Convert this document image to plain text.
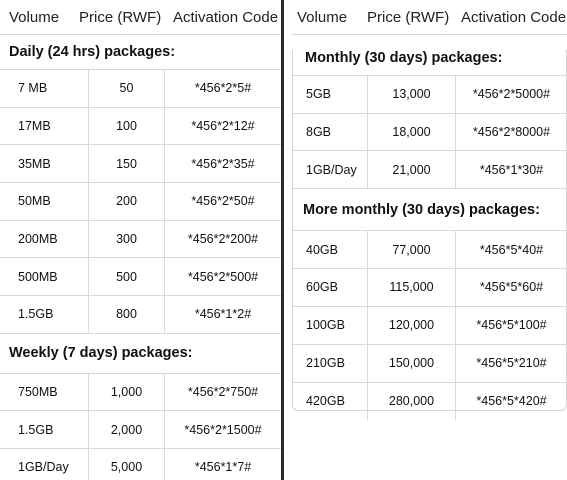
Volume	Price (RWF) Activation Code
Daily (24 hrs) packages:
7 MB	50	*456*2*5#
17MB	100	*456*2*12#
35MB	150	*456*2*35#
50MB	200	*456*2*50#
200MB	300	*456*2*200#
500MB	500	*456*2*500#
1.5GB	800	*456*1*2#
Weekly (7 days) packages:
750MB	1,000	*456*2*750#
1.5GB	2,000	*456*2*1500#
1GB/Day	5,000	*456*1*7#
Volume	Price (RWF) Activation Code
Monthly (30 days) packages:
5GB	13,000	*456*2*5000#
8GB	18,000	*456*2*8000#
1GB/Day	21,000	*456*1*30#
More monthly (30 days) packages:
40GB	77,000	*456*5*40#
60GB	115,000	*456*5*60#
100GB	120,000	*456*5*100#
210GB	150,000	*456*5*210#
420GB	280,000	*456*5*420#
